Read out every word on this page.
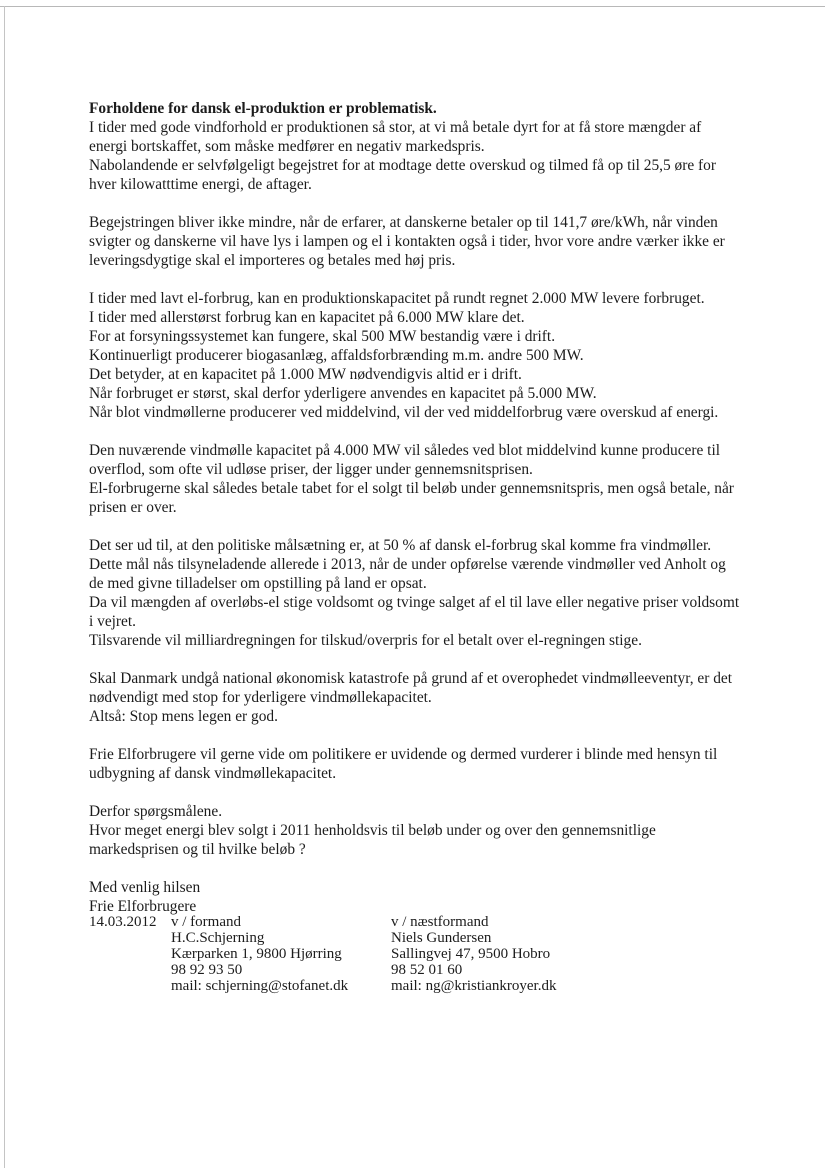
Forholdene for dansk el-produktion er problematisk.
I tider med gode vindforhold er produktionen så stor, at vi må betale dyrt for at få store mængder af
energi bortskaffet, som måske medfører en negativ markedspris.
Nabolandende er selvfølgeligt begejstret for at modtage dette overskud og tilmed få op til 25,5 øre for
hver kilowatttime energi, de aftager.
Begejstringen bliver ikke mindre, når de erfarer, at danskerne betaler op til 141,7 øre/kWh, når vinden
svigter og danskerne vil have lys i lampen og el i kontakten også i tider, hvor vore andre værker ikke er
leveringsdygtige skal el importeres og betales med høj pris.
I tider med lavt el-forbrug, kan en produktionskapacitet på rundt regnet 2.000 MW levere forbruget.
I tider med allerstørst forbrug kan en kapacitet på 6.000 MW klare det.
For at forsyningssystemet kan fungere, skal 500 MW bestandig være i drift.
Kontinuerligt producerer biogasanlæg, affaldsforbrænding m.m. andre 500 MW.
Det betyder, at en kapacitet på 1.000 MW nødvendigvis altid er i drift.
Når forbruget er størst, skal derfor yderligere anvendes en kapacitet på 5.000 MW.
Når blot vindmøllerne producerer ved middelvind, vil der ved middelforbrug være overskud af energi.
Den nuværende vindmølle kapacitet på 4.000 MW vil således ved blot middelvind kunne producere til
overflod, som ofte vil udløse priser, der ligger under gennemsnitsprisen.
El-forbrugerne skal således betale tabet for el solgt til beløb under gennemsnitspris, men også betale, når
prisen er over.
Det ser ud til, at den politiske målsætning er, at 50 % af dansk el-forbrug skal komme fra vindmøller.
Dette mål nås tilsyneladende allerede i 2013, når de under opførelse værende vindmøller ved Anholt og
de med givne tilladelser om opstilling på land er opsat.
Da vil mængden af overløbs-el stige voldsomt og tvinge salget af el til lave eller negative priser voldsomt
i vejret.
Tilsvarende vil milliardregningen for tilskud/overpris for el betalt over el-regningen stige.
Skal Danmark undgå national økonomisk katastrofe på grund af et overophedet vindmølleeventyr, er det
nødvendigt med stop for yderligere vindmøllekapacitet.
Altså: Stop mens legen er god.
Frie Elforbrugere vil gerne vide om politikere er uvidende og dermed vurderer i blinde med hensyn til
udbygning af dansk vindmøllekapacitet.
Derfor spørgsmålene.
Hvor meget energi blev solgt i 2011 henholdsvis til beløb under og over den gennemsnitlige
markedsprisen og til hvilke beløb ?
Med venlig hilsen
Frie Elforbrugere
14.03.2012 v / formand
H.C.Schjerning
Kærparken 1, 9800 Hjørring
98 92 93 50
mail: schjerning@stofanet.dk
v / næstformand
Niels Gundersen
Sallingvej 47, 9500 Hobro
98 52 01 60
mail: ng@kristiankroyer.dk
